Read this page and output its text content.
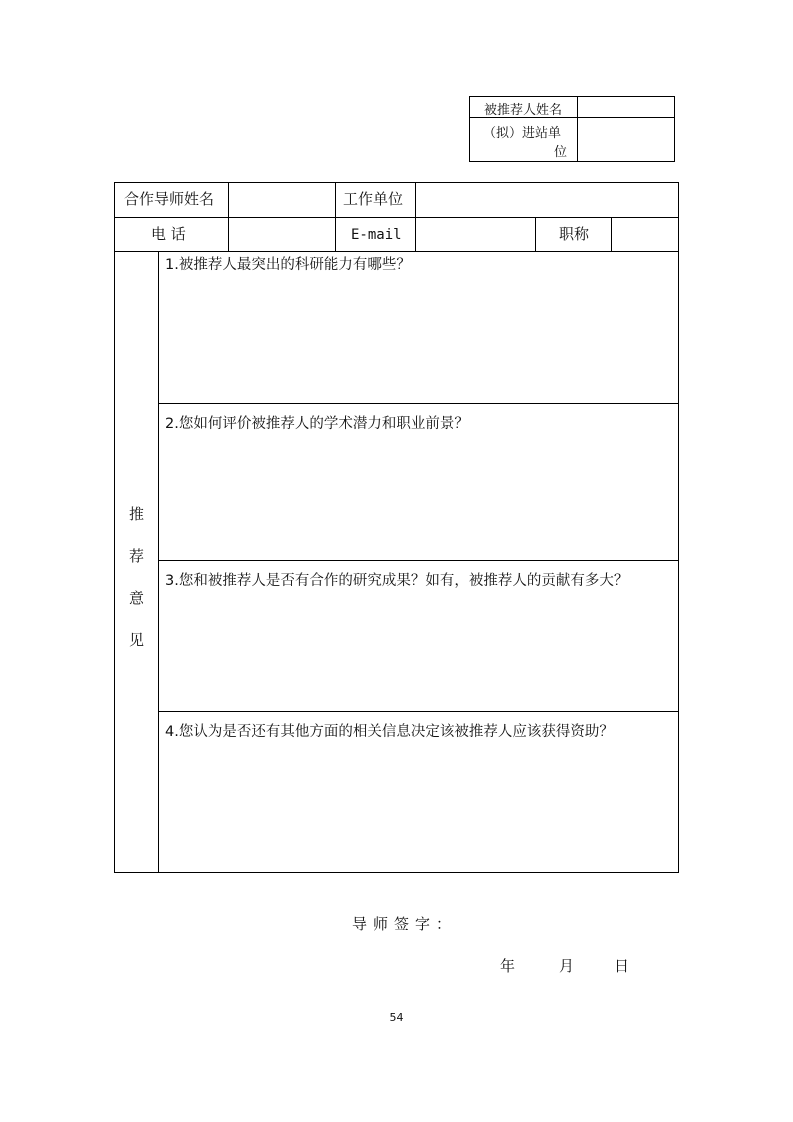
被推荐人姓名
（拟）进站单
位
合作导师姓名	工作单位
电 话	E-mail	职称
推
荐
意
见
1.被推荐人最突出的科研能力有哪些？
2.您如何评价被推荐人的学术潜力和职业前景？
3.您和被推荐人是否有合作的研究成果？如有，被推荐人的贡献有多大？
4.您认为是否还有其他方面的相关信息决定该被推荐人应该获得资助？
导师签字：
年	月	日
54
